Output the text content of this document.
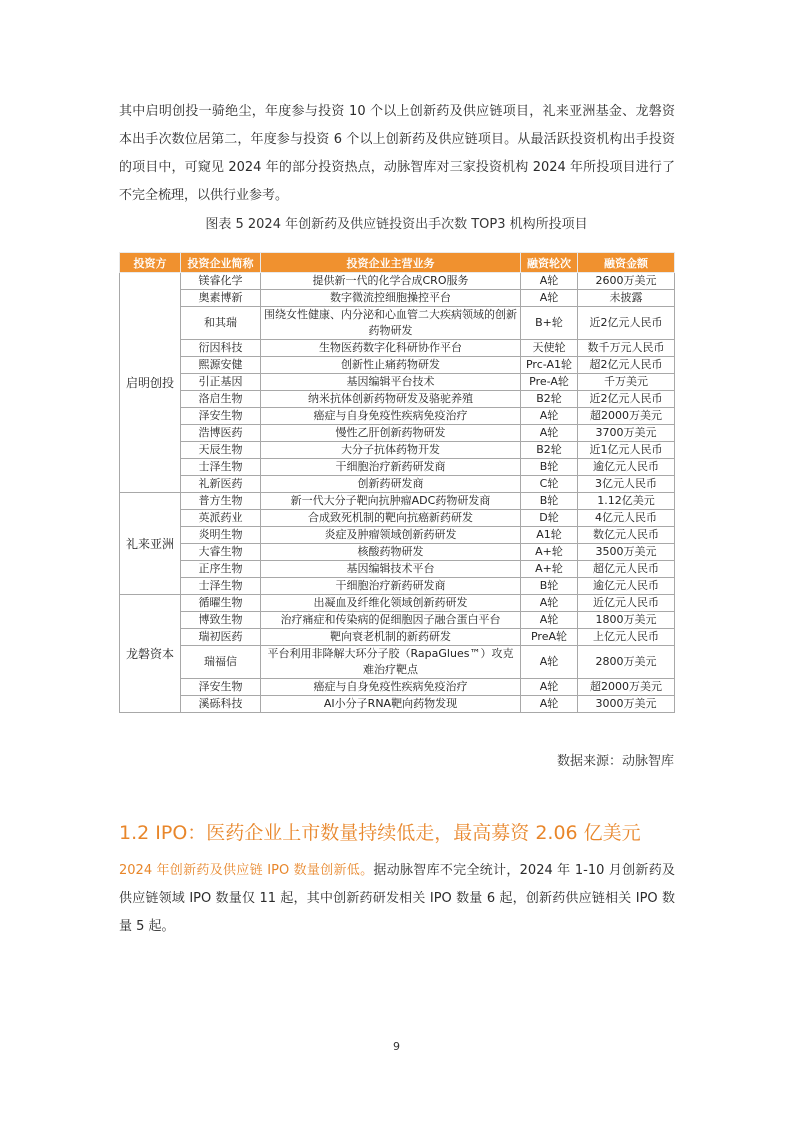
其中启明创投一骑绝尘，年度参与投资 10 个以上创新药及供应链项目，礼来亚洲基金、龙磐资本出手次数位居第二，年度参与投资 6 个以上创新药及供应链项目。从最活跃投资机构出手投资的项目中，可窥见 2024 年的部分投资热点，动脉智库对三家投资机构 2024 年所投项目进行了不完全梳理，以供行业参考。
图表 5 2024 年创新药及供应链投资出手次数 TOP3 机构所投项目
投资方	投资企业简称	投资企业主营业务	融资轮次	融资金额
启明创投	镁睿化学	提供新一代的化学合成CRO服务	A轮	2600万美元
	奥素博新	数字微流控细胞操控平台	A轮	未披露
	和其瑞	围绕女性健康、内分泌和心血管二大疾病领域的创新药物研发	B+轮	近2亿元人民币
	衍因科技	生物医药数字化科研协作平台	天使轮	数千万元人民币
	熙源安健	创新性止痛药物研发	Prc-A1轮	超2亿元人民币
	引正基因	基因编辑平台技术	Pre-A轮	千万美元
	洛启生物	纳米抗体创新药物研发及骆驼养殖	B2轮	近2亿元人民币
	泽安生物	癌症与自身免疫性疾病免疫治疗	A轮	超2000万美元
	浩博医药	慢性乙肝创新药物研发	A轮	3700万美元
	天辰生物	大分子抗体药物开发	B2轮	近1亿元人民币
	士泽生物	干细胞治疗新药研发商	B轮	逾亿元人民币
	礼新医药	创新药研发商	C轮	3亿元人民币
礼来亚洲	普方生物	新一代大分子靶向抗肿瘤ADC药物研发商	B轮	1.12亿美元
	英派药业	合成致死机制的靶向抗癌新药研发	D轮	4亿元人民币
	炎明生物	炎症及肿瘤领域创新药研发	A1轮	数亿元人民币
	大睿生物	核酸药物研发	A+轮	3500万美元
	正序生物	基因编辑技术平台	A+轮	超亿元人民币
	士泽生物	干细胞治疗新药研发商	B轮	逾亿元人民币
龙磐资本	循曜生物	出凝血及纤维化领域创新药研发	A轮	近亿元人民币
	博致生物	治疗痛症和传染病的促细胞因子融合蛋白平台	A轮	1800万美元
	瑞初医药	靶向衰老机制的新药研发	PreA轮	上亿元人民币
	瑞福信	平台利用非降解大环分子胶（RapaGlues™）攻克难治疗靶点	A轮	2800万美元
	泽安生物	癌症与自身免疫性疾病免疫治疗	A轮	超2000万美元
	溪砾科技	AI小分子RNA靶向药物发现	A轮	3000万美元
数据来源：动脉智库
1.2 IPO：医药企业上市数量持续低走，最高募资 2.06 亿美元
2024 年创新药及供应链 IPO 数量创新低。据动脉智库不完全统计，2024 年 1-10 月创新药及供应链领域 IPO 数量仅 11 起，其中创新药研发相关 IPO 数量 6 起，创新药供应链相关 IPO 数量 5 起。
9
